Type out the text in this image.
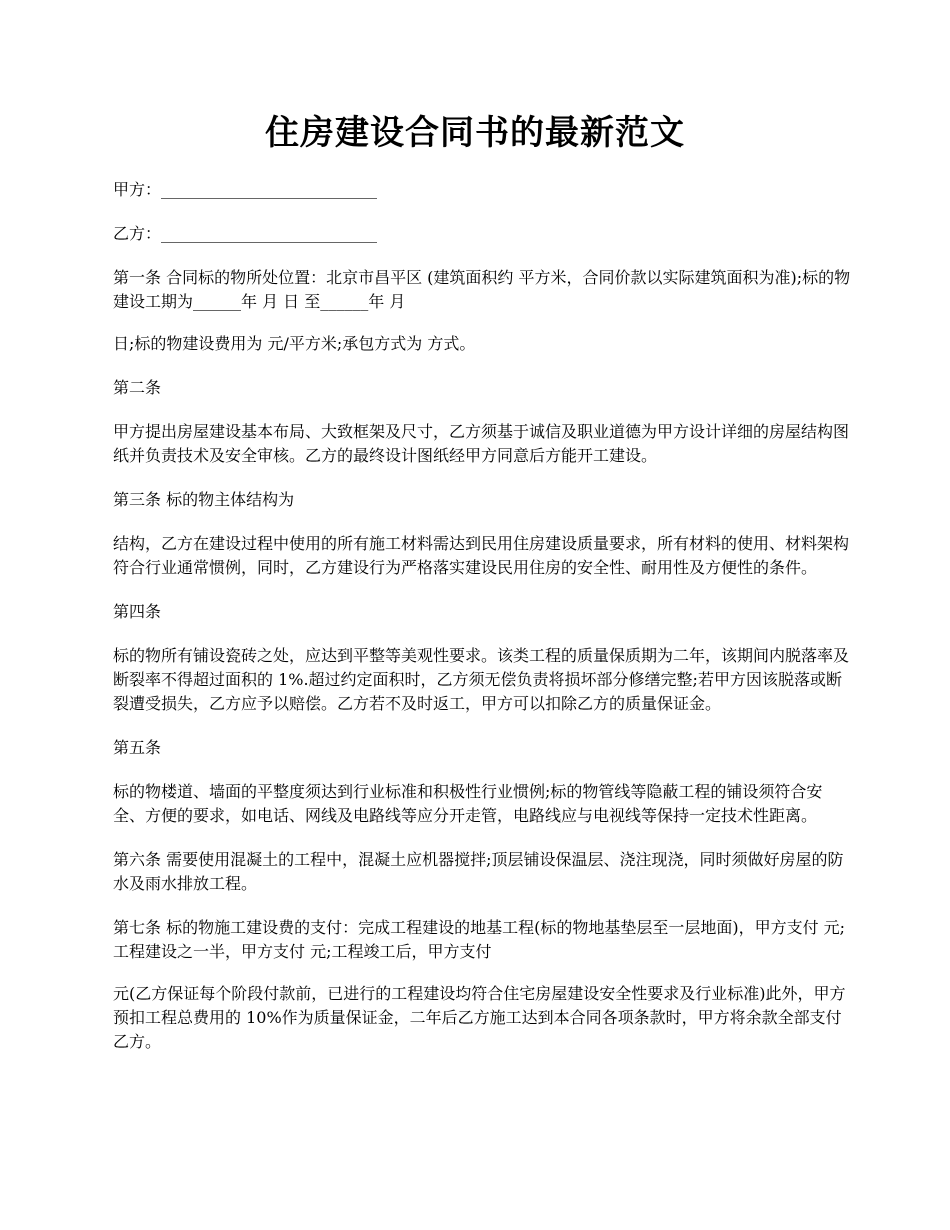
住房建设合同书的最新范文

甲方：___________________________

乙方：___________________________

第一条 合同标的物所处位置：北京市昌平区 (建筑面积约 平方米，合同价款以实际建筑面积为准);标的物建设工期为______年 月 日 至______年 月

日;标的物建设费用为 元/平方米;承包方式为 方式。

第二条

甲方提出房屋建设基本布局、大致框架及尺寸，乙方须基于诚信及职业道德为甲方设计详细的房屋结构图纸并负责技术及安全审核。乙方的最终设计图纸经甲方同意后方能开工建设。

第三条 标的物主体结构为

结构，乙方在建设过程中使用的所有施工材料需达到民用住房建设质量要求，所有材料的使用、材料架构符合行业通常惯例，同时，乙方建设行为严格落实建设民用住房的安全性、耐用性及方便性的条件。

第四条

标的物所有铺设瓷砖之处，应达到平整等美观性要求。该类工程的质量保质期为二年，该期间内脱落率及断裂率不得超过面积的 1%.超过约定面积时，乙方须无偿负责将损坏部分修缮完整;若甲方因该脱落或断裂遭受损失，乙方应予以赔偿。乙方若不及时返工，甲方可以扣除乙方的质量保证金。

第五条

标的物楼道、墙面的平整度须达到行业标准和积极性行业惯例;标的物管线等隐蔽工程的铺设须符合安全、方便的要求，如电话、网线及电路线等应分开走管，电路线应与电视线等保持一定技术性距离。

第六条 需要使用混凝土的工程中，混凝土应机器搅拌;顶层铺设保温层、浇注现浇，同时须做好房屋的防水及雨水排放工程。

第七条 标的物施工建设费的支付：完成工程建设的地基工程(标的物地基垫层至一层地面)，甲方支付 元;工程建设之一半，甲方支付 元;工程竣工后，甲方支付

元(乙方保证每个阶段付款前，已进行的工程建设均符合住宅房屋建设安全性要求及行业标准)此外，甲方预扣工程总费用的 10%作为质量保证金，二年后乙方施工达到本合同各项条款时，甲方将余款全部支付乙方。
